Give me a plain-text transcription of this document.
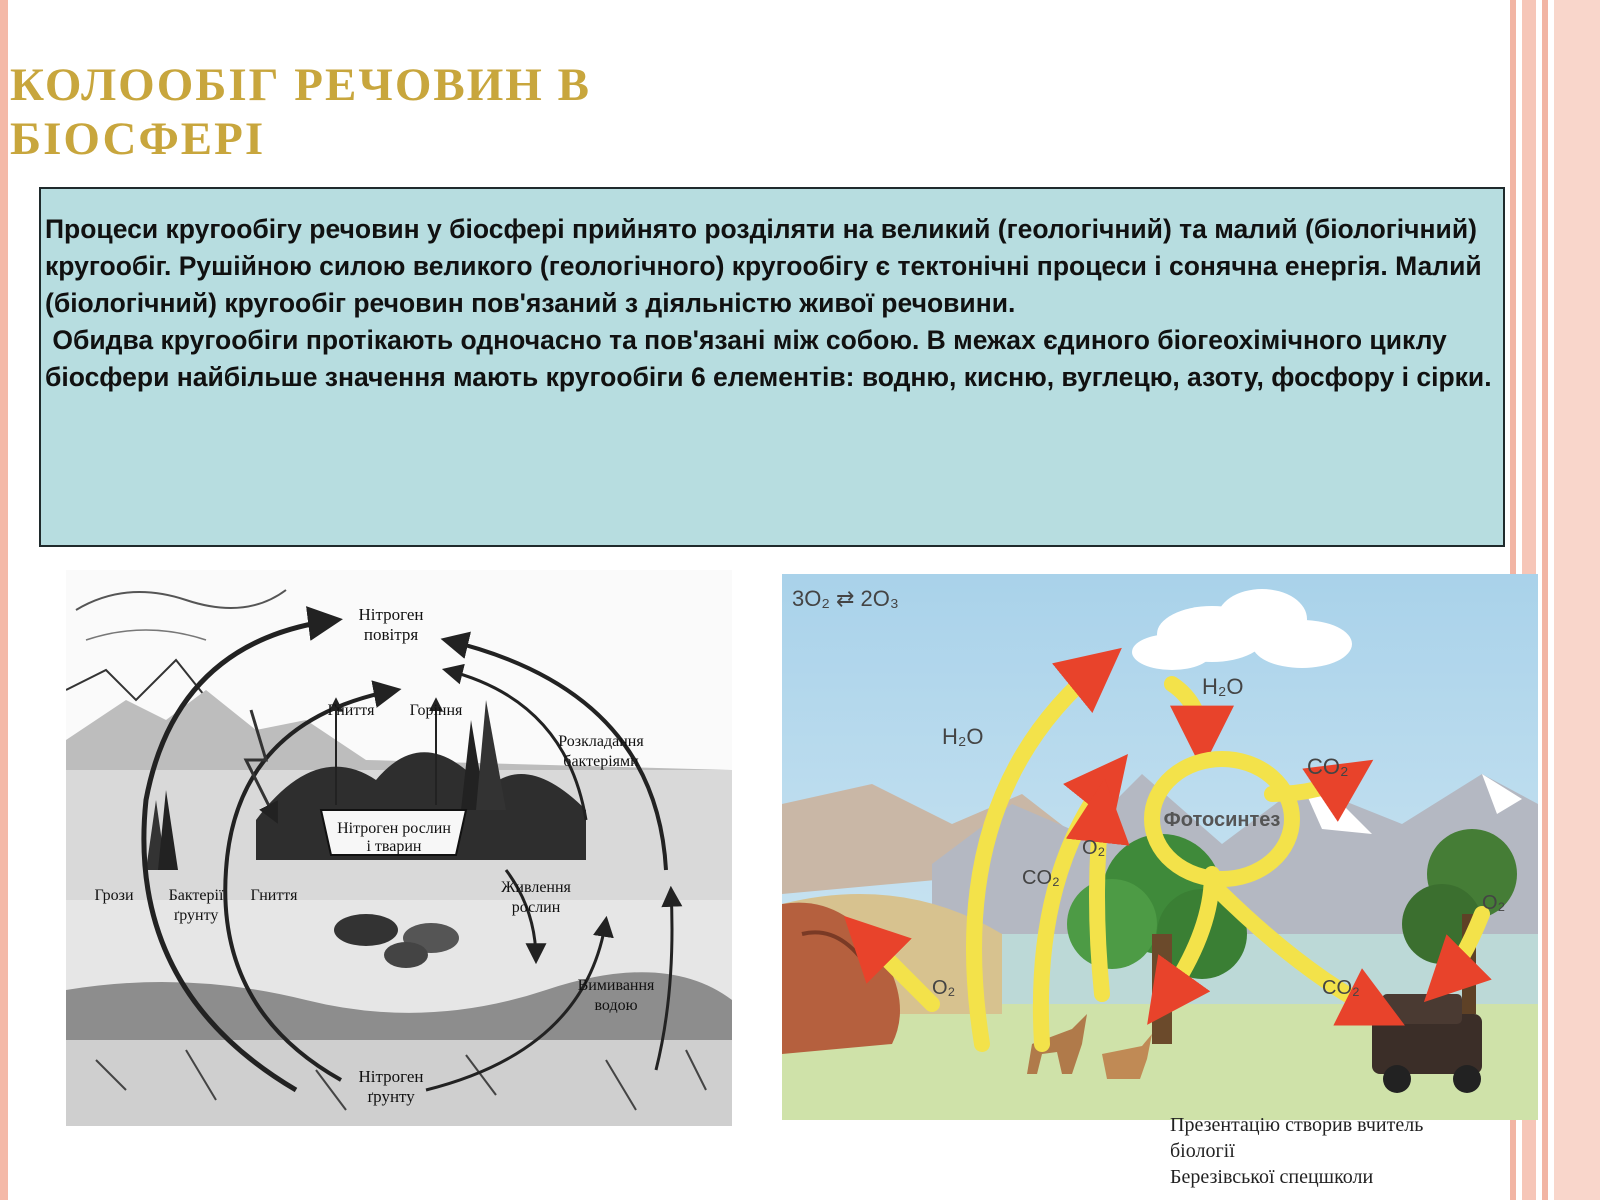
КОЛООБІГ РЕЧОВИН В
БІОСФЕРІ

Процеси кругообігу речовин у біосфері прийнято розділяти на великий (геологічний) та малий (біологічний) кругообіг. Рушійною силою великого (геологічного) кругообігу є тектонічні процеси і сонячна енергія. Малий (біологічний) кругообіг речовин пов'язаний з діяльністю живої речовини.

Обидва кругообіги протікають одночасно та пов'язані між собою. В межах єдиного біогеохімічного циклу біосфери найбільше значення мають кругообіги 6 елементів: водню, кисню, вуглецю, азоту, фосфору і сірки.

Нітроген
повітря
Гниття Горіння
Розкладання
бактеріями
Нітроген рослин
і тварин
Грози Бактерії
ґрунту
Гниття	Живлення
рослин
Вимивання
водою
Нітроген
ґрунту
3O₂ ⇄ 2O₃
H₂O
H₂O
CO₂
Фотосинтез
CO₂
O₂
O₂	CO₂
O₂
Презентацію створив вчитель
біології
Березівської спецшколи
